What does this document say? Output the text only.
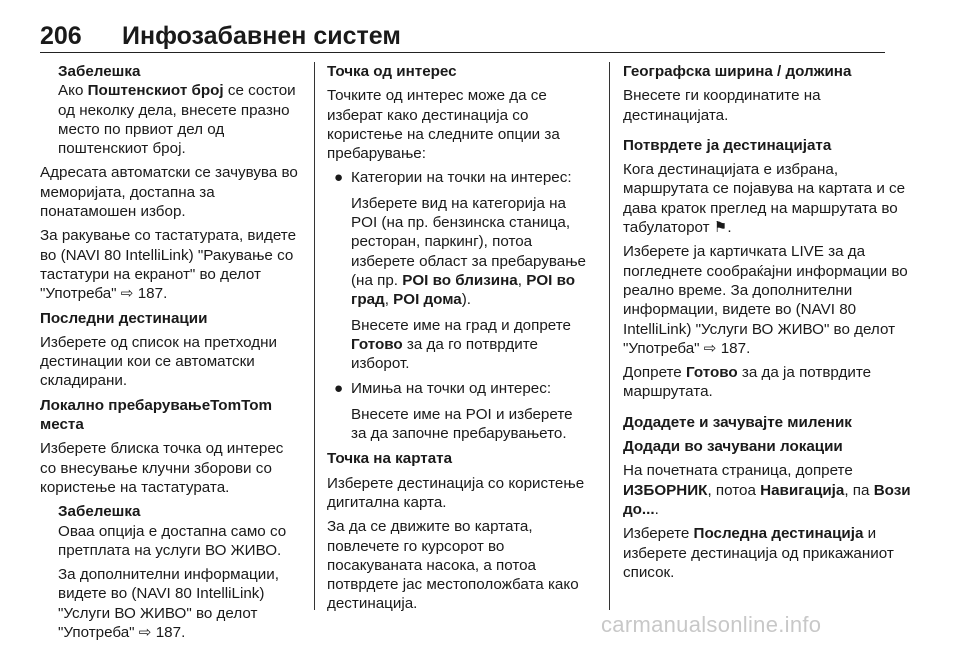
206 Инфозабавнен систем

Забелешка

Ако Поштенскиот број се состои од неколку дела, внесете празно место по првиот дел од поштенскиот број.

Адресата автоматски се зачувува во меморијата, достапна за понатамошен избор.

За ракување со тастатурата, видете во (NAVI 80 IntelliLink) "Ракување со тастатури на екранот" во делот "Употреба" ⇨ 187.

Последни дестинации

Изберете од список на претходни дестинации кои се автоматски складирани.

Локално пребарувањеTomTom места

Изберете блиска точка од интерес со внесување клучни зборови со користење на тастатурата.

Забелешка

Оваа опција е достапна само со претплата на услуги ВО ЖИВО.

За дополнителни информации, видете во (NAVI 80 IntelliLink) "Услуги ВО ЖИВО" во делот "Употреба" ⇨ 187.

Точка од интерес

Точките од интерес може да се изберат како дестинација со користење на следните опции за пребарување:

● Категории на точки на интерес:

Изберете вид на категорија на POI (на пр. бензинска станица, ресторан, паркинг), потоа изберете област за пребарување (на пр. POI во близина, POI во град, POI дома).

Внесете име на град и допрете Готово за да го потврдите изборот.

● Имиња на точки од интерес:

Внесете име на POI и изберете за да започне пребарувањето.

Точка на картата

Изберете дестинација со користење дигитална карта.

За да се движите во картата, повлечете го курсорот во посакуваната насока, а потоа потврдете јас местоположбата како дестинација.

Географска ширина / должина

Внесете ги координатите на дестинацијата.

Потврдете ја дестинацијата

Кога дестинацијата е избрана, маршрутата се појавува на картата и се дава краток преглед на маршрутата во табулаторот ⚑.

Изберете ја картичката LIVE за да погледнете сообраќајни информации во реално време. За дополнителни информации, видете во (NAVI 80 IntelliLink) "Услуги ВО ЖИВО" во делот "Употреба" ⇨ 187.

Допрете Готово за да ја потврдите маршрутата.

Додадете и зачувајте миленик

Додади во зачувани локации

На почетната страница, допрете ИЗБОРНИК, потоа Навигација, па Вози до....

Изберете Последна дестинација и изберете дестинација од прикажаниот список.

carmanualsonline.info
